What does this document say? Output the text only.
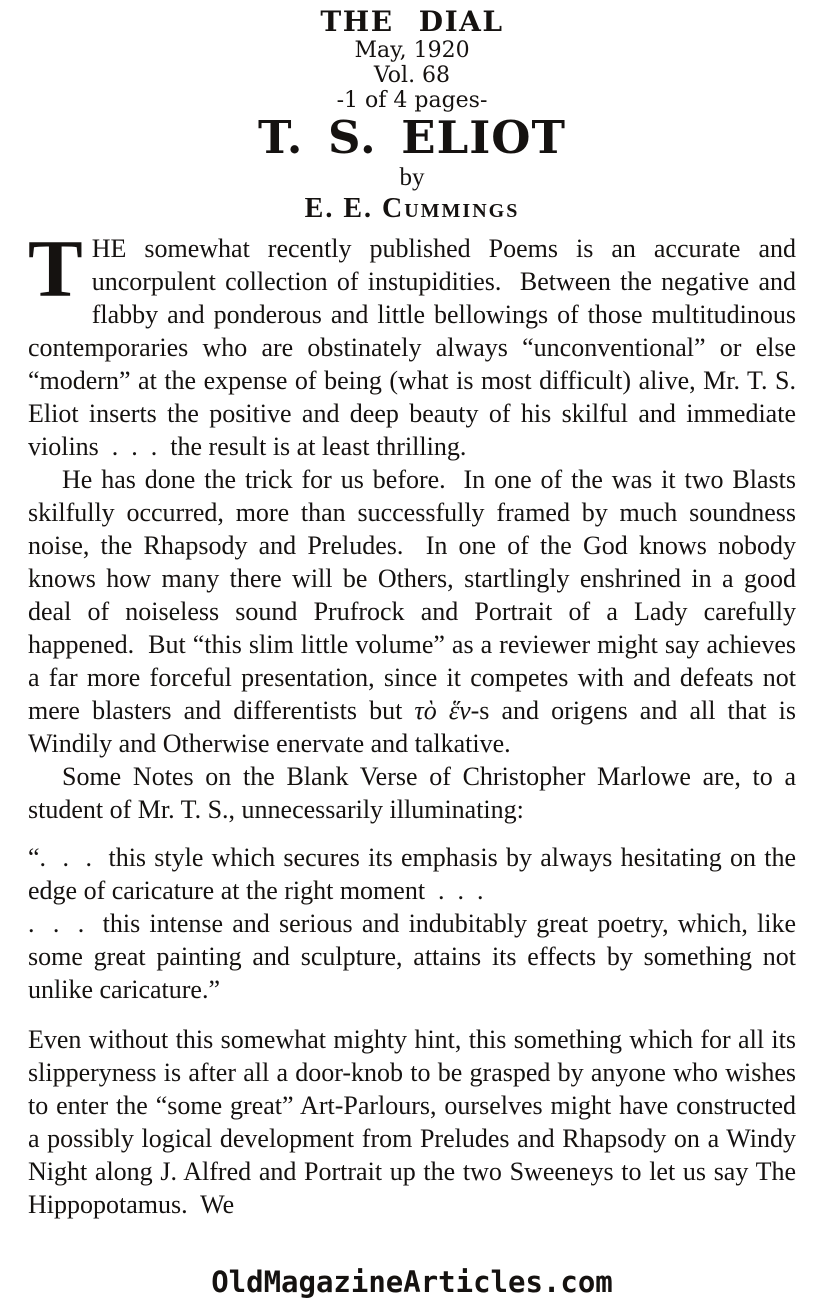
THE DIAL
May, 1920
Vol. 68
-1 of 4 pages-
T. S. ELIOT
by
E. E. Cummings

THE somewhat recently published Poems is an accurate and uncorpulent collection of instupidities.  Between the negative and flabby and ponderous and little bellowings of those multitudinous contemporaries who are obstinately always “unconventional” or else “modern” at the expense of being (what is most difficult) alive, Mr. T. S. Eliot inserts the positive and deep beauty of his skilful and immediate violins  .  .  .  the result is at least thrilling.

He has done the trick for us before.  In one of the was it two Blasts skilfully occurred, more than successfully framed by much soundness noise, the Rhapsody and Preludes.  In one of the God knows nobody knows how many there will be Others, startlingly enshrined in a good deal of noiseless sound Prufrock and Portrait of a Lady carefully happened.  But “this slim little volume” as a reviewer might say achieves a far more forceful presentation, since it competes with and defeats not mere blasters and differentists but τὸ ἕν-s and origens and all that is Windily and Otherwise enervate and talkative.

Some Notes on the Blank Verse of Christopher Marlowe are, to a student of Mr. T. S., unnecessarily illuminating:

“.  .  .  this style which secures its emphasis by always hesitating on the edge of caricature at the right moment  .  .  .

.  .  .  this intense and serious and indubitably great poetry, which, like some great painting and sculpture, attains its effects by something not unlike caricature.”

Even without this somewhat mighty hint, this something which for all its slipperyness is after all a door-knob to be grasped by anyone who wishes to enter the “some great” Art-Parlours, ourselves might have constructed a possibly logical development from Preludes and Rhapsody on a Windy Night along J. Alfred and Portrait up the two Sweeneys to let us say The Hippopotamus.  We

OldMagazineArticles.com
